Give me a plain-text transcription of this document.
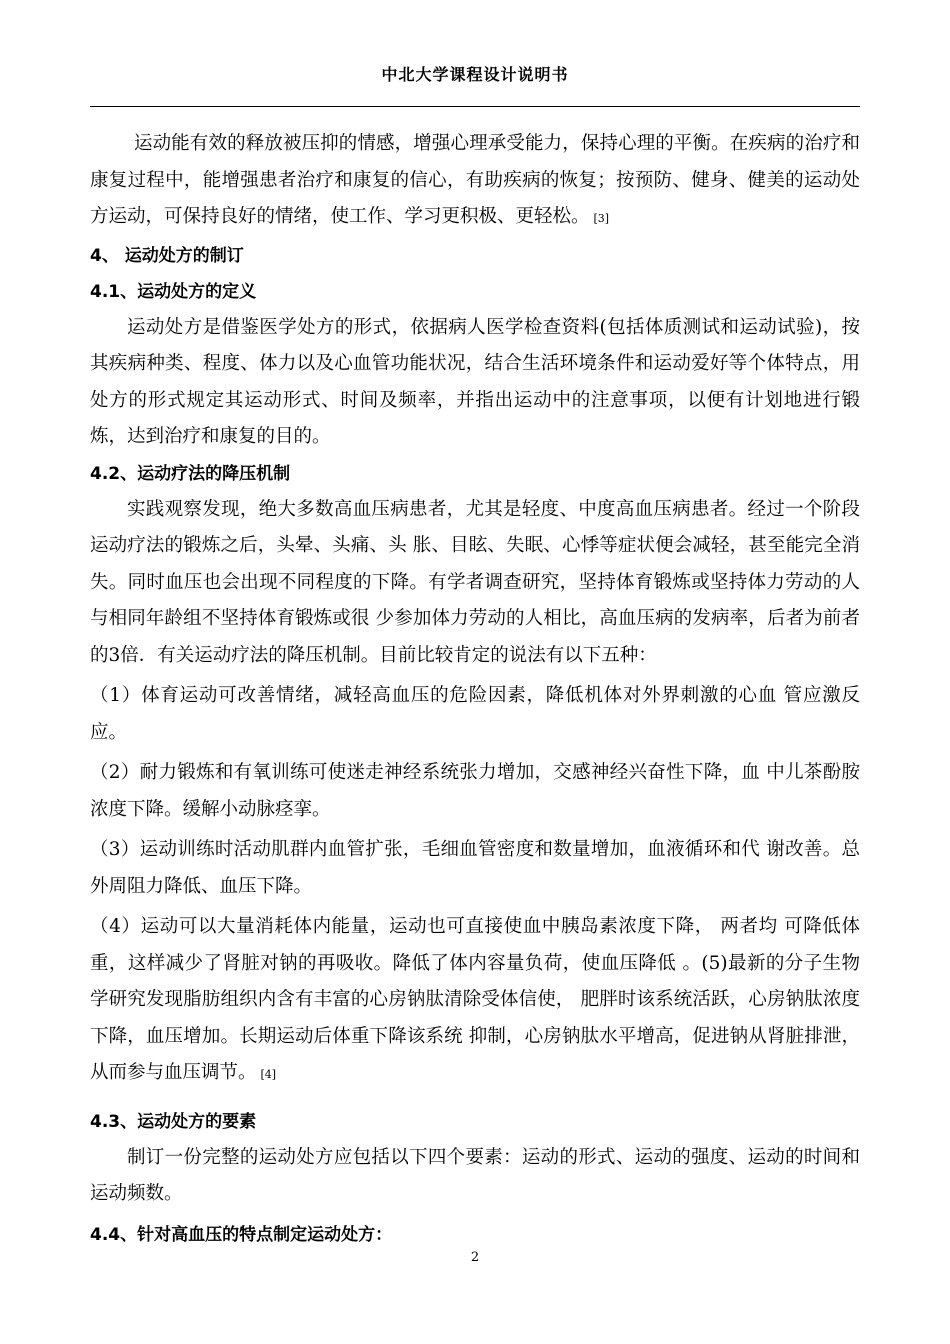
中北大学课程设计说明书
运动能有效的释放被压抑的情感，增强心理承受能力，保持心理的平衡。在疾病的治疗和康复过程中，能增强患者治疗和康复的信心，有助疾病的恢复；按预防、健身、健美的运动处方运动，可保持良好的情绪，使工作、学习更积极、更轻松。 [3]
4、 运动处方的制订
4.1、运动处方的定义
运动处方是借鉴医学处方的形式，依据病人医学检查资料(包括体质测试和运动试验)，按其疾病种类、程度、体力以及心血管功能状况，结合生活环境条件和运动爱好等个体特点，用处方的形式规定其运动形式、时间及频率，并指出运动中的注意事项，以便有计划地进行锻炼，达到治疗和康复的目的。
4.2、运动疗法的降压机制
实践观察发现，绝大多数高血压病患者，尤其是轻度、中度高血压病患者。经过一个阶段运动疗法的锻炼之后，头晕、头痛、头 胀、目眩、失眠、心悸等症状便会减轻，甚至能完全消失。同时血压也会出现不同程度的下降。有学者调查研究，坚持体育锻炼或坚持体力劳动的人与相同年龄组不坚持体育锻炼或很 少参加体力劳动的人相比，高血压病的发病率，后者为前者的3倍．有关运动疗法的降压机制。目前比较肯定的说法有以下五种：
（1）体育运动可改善情绪，减轻高血压的危险因素，降低机体对外界刺激的心血 管应激反应。
（2）耐力锻炼和有氧训练可使迷走神经系统张力增加，交感神经兴奋性下降，血 中儿茶酚胺浓度下降。缓解小动脉痉挛。
（3）运动训练时活动肌群内血管扩张，毛细血管密度和数量增加，血液循环和代 谢改善。总外周阻力降低、血压下降。
（4）运动可以大量消耗体内能量，运动也可直接使血中胰岛素浓度下降， 两者均 可降低体重，这样减少了肾脏对钠的再吸收。降低了体内容量负荷，使血压降低 。(5)最新的分子生物学研究发现脂肪组织内含有丰富的心房钠肽清除受体信使， 肥胖时该系统活跃，心房钠肽浓度下降，血压增加。长期运动后体重下降该系统 抑制，心房钠肽水平增高，促进钠从肾脏排泄，从而参与血压调节。 [4]
4.3、运动处方的要素
制订一份完整的运动处方应包括以下四个要素：运动的形式、运动的强度、运动的时间和运动频数。
4.4、针对高血压的特点制定运动处方：
2
